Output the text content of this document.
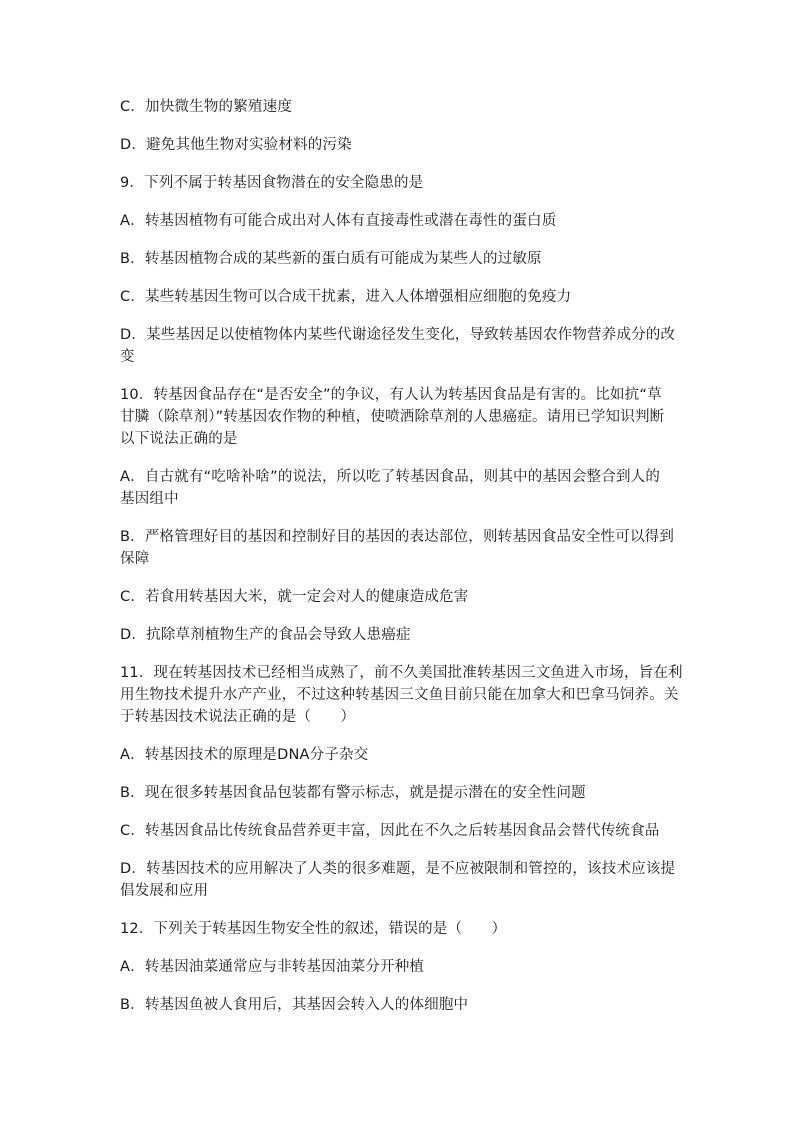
C．加快微生物的繁殖速度
D．避免其他生物对实验材料的污染
9．下列不属于转基因食物潜在的安全隐患的是
A．转基因植物有可能合成出对人体有直接毒性或潜在毒性的蛋白质
B．转基因植物合成的某些新的蛋白质有可能成为某些人的过敏原
C．某些转基因生物可以合成干扰素，进入人体增强相应细胞的免疫力
D．某些基因足以使植物体内某些代谢途径发生变化，导致转基因农作物营养成分的改
变
10．转基因食品存在“是否安全”的争议，有人认为转基因食品是有害的。比如抗“草
甘膦（除草剂）”转基因农作物的种植，使喷洒除草剂的人患癌症。请用已学知识判断
以下说法正确的是
A．自古就有“吃啥补啥”的说法，所以吃了转基因食品，则其中的基因会整合到人的
基因组中
B．严格管理好目的基因和控制好目的基因的表达部位，则转基因食品安全性可以得到
保障
C．若食用转基因大米，就一定会对人的健康造成危害
D．抗除草剂植物生产的食品会导致人患癌症
11．现在转基因技术已经相当成熟了，前不久美国批准转基因三文鱼进入市场，旨在利
用生物技术提升水产产业，不过这种转基因三文鱼目前只能在加拿大和巴拿马饲养。关
于转基因技术说法正确的是（　　）
A．转基因技术的原理是DNA分子杂交
B．现在很多转基因食品包装都有警示标志，就是提示潜在的安全性问题
C．转基因食品比传统食品营养更丰富，因此在不久之后转基因食品会替代传统食品
D．转基因技术的应用解决了人类的很多难题，是不应被限制和管控的，该技术应该提
倡发展和应用
12．下列关于转基因生物安全性的叙述，错误的是（　　）
A．转基因油菜通常应与非转基因油菜分开种植
B．转基因鱼被人食用后，其基因会转入人的体细胞中
